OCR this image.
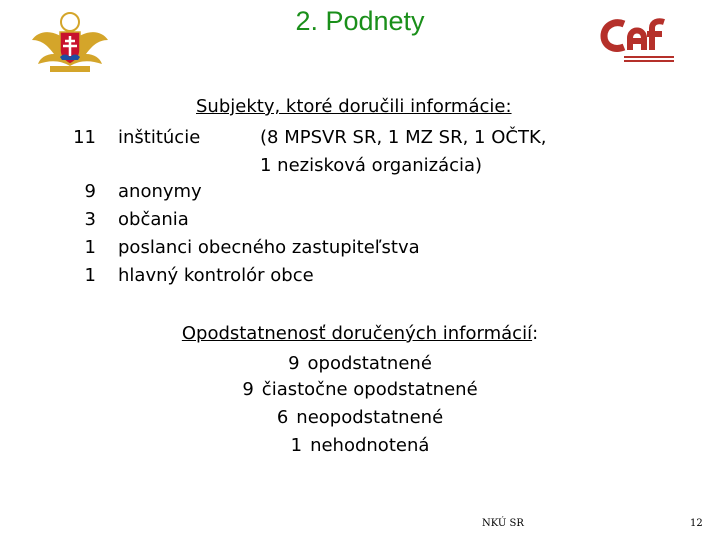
2. Podnety
Subjekty, ktoré doručili informácie:
11 inštitúcie	(8 MPSVR SR, 1 MZ SR, 1 OČTK,
1 nezisková organizácia)
9 anonymy
3 občania
1 poslanci obecného zastupiteľstva
1 hlavný kontrolór obce
Opodstatnenosť doručených informácií:
9 opodstatnené
9 čiastočne opodstatnené
6 neopodstatnené
1 nehodnotená
NKÚ SR	12
